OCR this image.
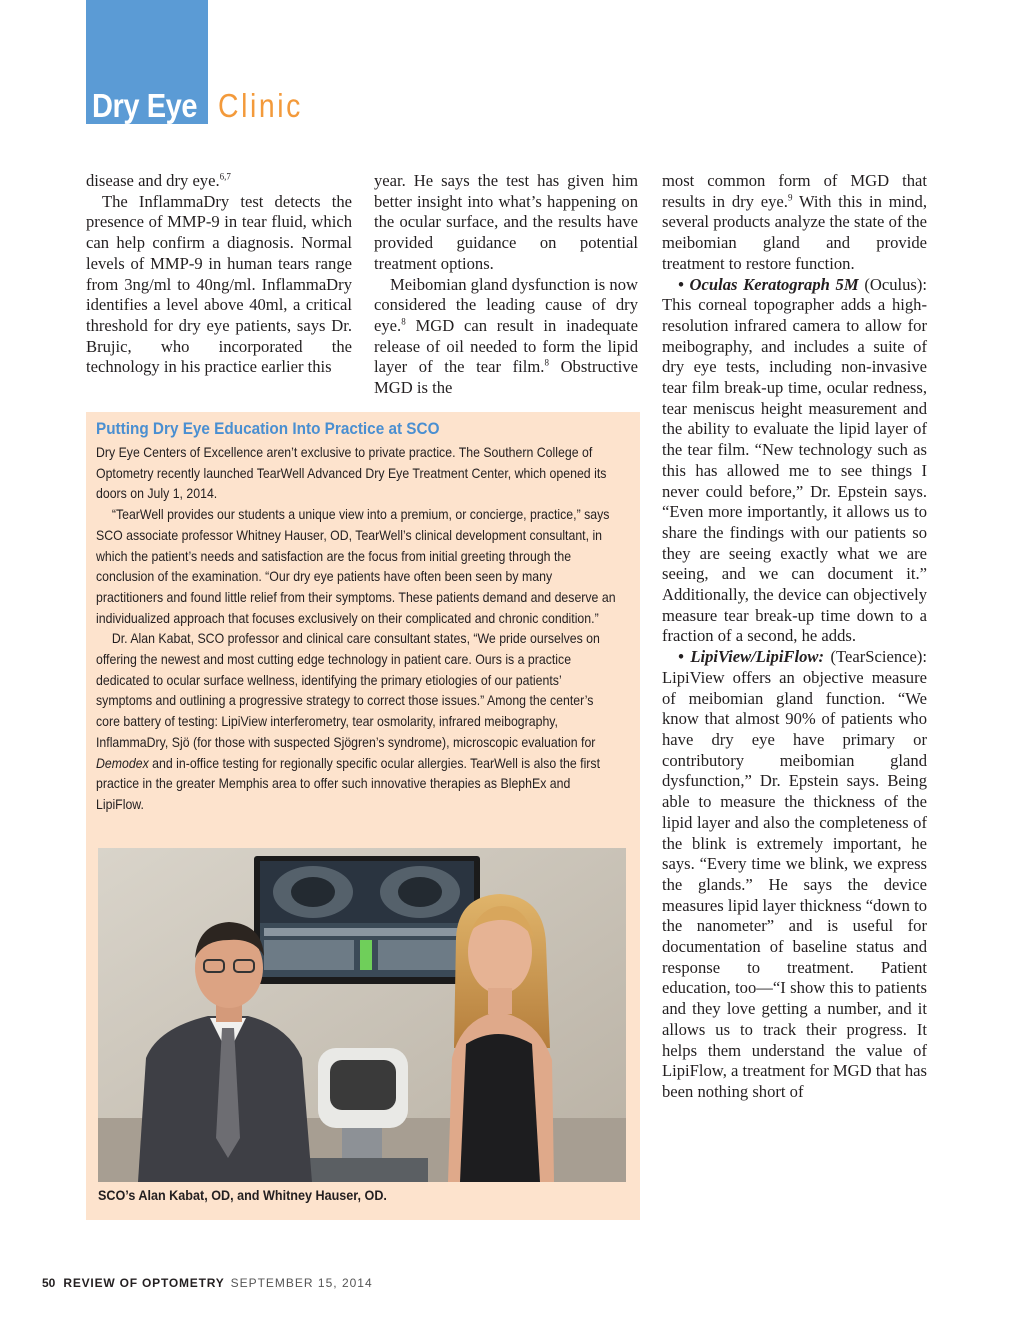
Dry Eye Clinic

disease and dry eye.$^{6,7}$

The InflammaDry test detects the presence of MMP-9 in tear fluid, which can help confirm a diagnosis. Normal levels of MMP-9 in human tears range from 3ng/ml to 40ng/ml. InflammaDry identifies a level above 40ml, a critical threshold for dry eye patients, says Dr. Brujic, who incorporated the technology in his practice earlier this

year. He says the test has given him better insight into what’s happening on the ocular surface, and the results have provided guidance on potential treatment options.

Meibomian gland dysfunction is now considered the leading cause of dry eye.$^8$ MGD can result in inadequate release of oil needed to form the lipid layer of the tear film.$^8$ Obstructive MGD is the

most common form of MGD that results in dry eye.$^9$ With this in mind, several products analyze the state of the meibomian gland and provide treatment to restore function.

• Oculas Keratograph 5M (Oculus): This corneal topographer adds a high-resolution infrared camera to allow for meibography, and includes a suite of dry eye tests, including non-invasive tear film break-up time, ocular redness, tear meniscus height measurement and the ability to evaluate the lipid layer of the tear film. “New technology such as this has allowed me to see things I never could before,” Dr. Epstein says. “Even more importantly, it allows us to share the findings with our patients so they are seeing exactly what we are seeing, and we can document it.” Additionally, the device can objectively measure tear break-up time down to a fraction of a second, he adds.

• LipiView/LipiFlow: (TearScience): LipiView offers an objective measure of meibomian gland function. “We know that almost 90% of patients who have dry eye have primary or contributory meibomian gland dysfunction,” Dr. Epstein says. Being able to measure the thickness of the lipid layer and also the completeness of the blink is extremely important, he says. “Every time we blink, we express the glands.” He says the device measures lipid layer thickness “down to the nanometer” and is useful for documentation of baseline status and response to treatment. Patient education, too—“I show this to patients and they love getting a number, and it allows us to track their progress. It helps them understand the value of LipiFlow, a treatment for MGD that has been nothing short of

Putting Dry Eye Education Into Practice at SCO

Dry Eye Centers of Excellence aren’t exclusive to private practice. The Southern College of Optometry recently launched TearWell Advanced Dry Eye Treatment Center, which opened its doors on July 1, 2014.

“TearWell provides our students a unique view into a premium, or concierge, practice,” says SCO associate professor Whitney Hauser, OD, TearWell’s clinical development consultant, in which the patient’s needs and satisfaction are the focus from initial greeting through the conclusion of the examination. “Our dry eye patients have often been seen by many practitioners and found little relief from their symptoms. These patients demand and deserve an individualized approach that focuses exclusively on their complicated and chronic condition.”

Dr. Alan Kabat, SCO professor and clinical care consultant states, “We pride ourselves on offering the newest and most cutting edge technology in patient care. Ours is a practice dedicated to ocular surface wellness, identifying the primary etiologies of our patients’ symptoms and outlining a progressive strategy to correct those issues.” Among the center’s core battery of testing: LipiView interferometry, tear osmolarity, infrared meibography, InflammaDry, Sjö (for those with suspected Sjögren’s syndrome), microscopic evaluation for Demodex and in-office testing for regionally specific ocular allergies. TearWell is also the first practice in the greater Memphis area to offer such innovative therapies as BlephEx and LipiFlow.

SCO’s Alan Kabat, OD, and Whitney Hauser, OD.
50 REVIEW OF OPTOMETRY SEPTEMBER 15, 2014
